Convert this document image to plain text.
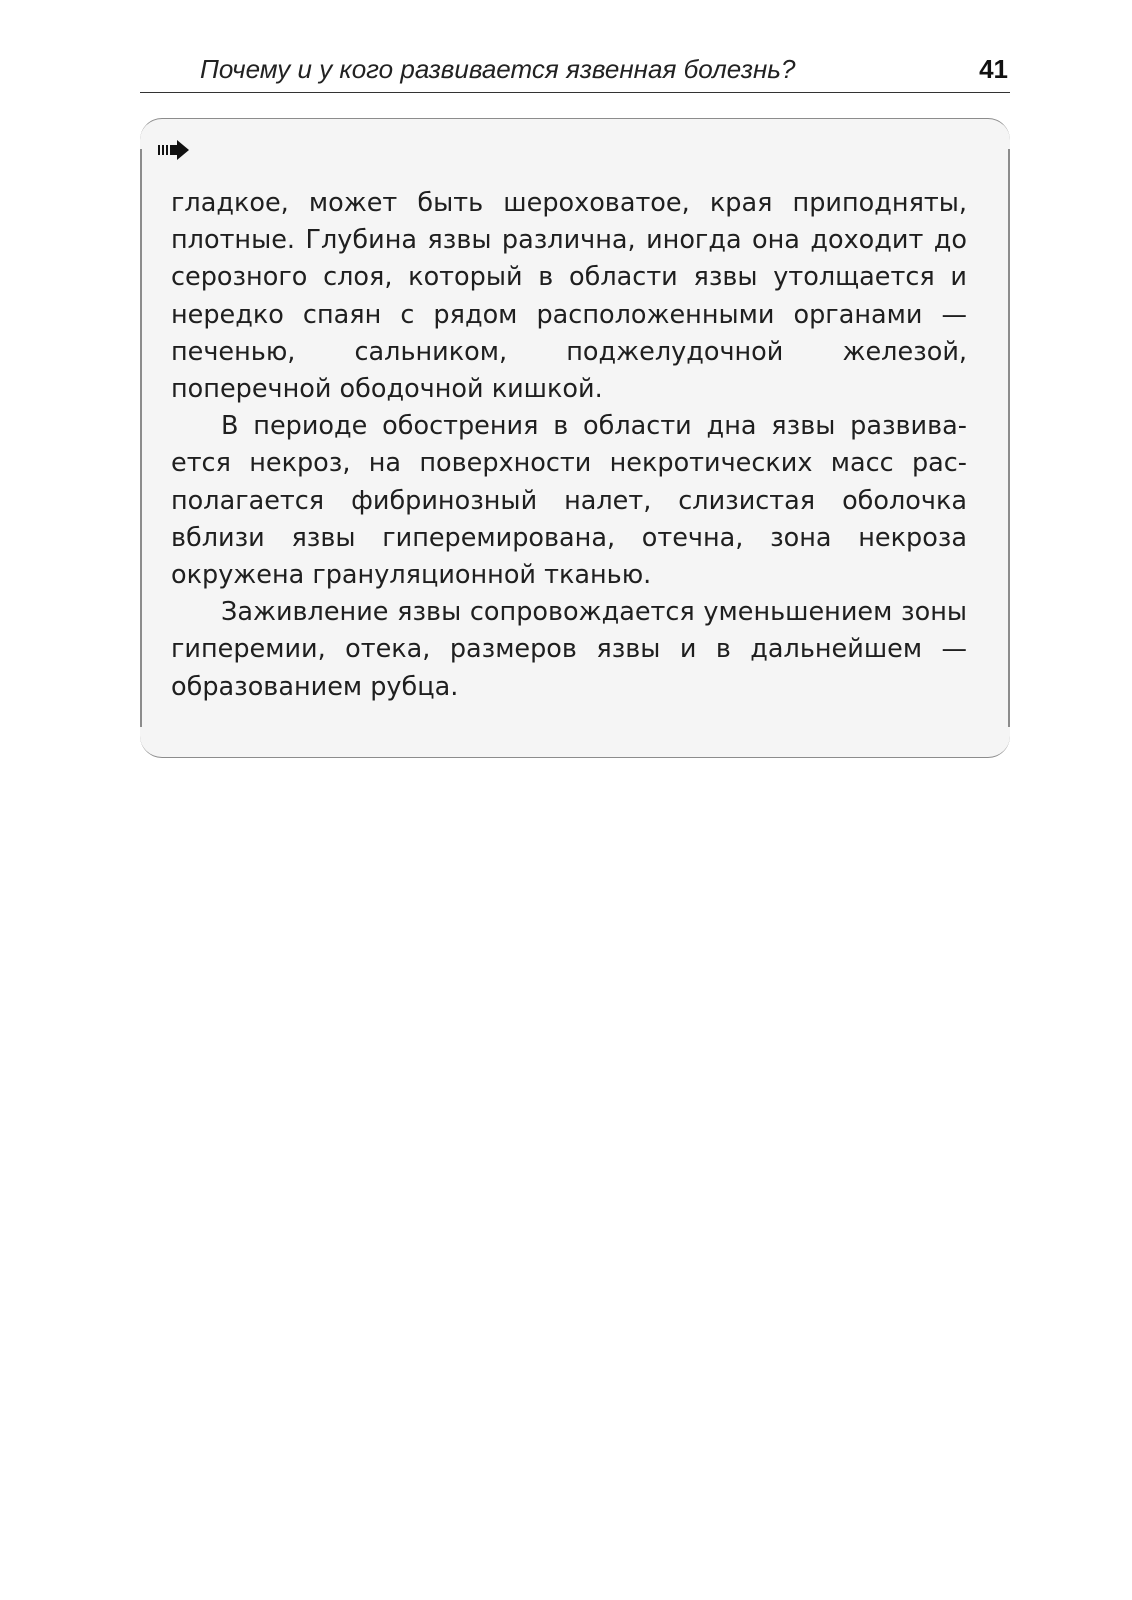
Почему и у кого развивается язвенная болезнь?	41

гладкое, может быть шероховатое, края приподняты, плотные. Глубина язвы различна, иногда она доходит до серозного слоя, который в области язвы утолщается и нередко спаян с рядом расположенными органами — печенью, сальником, поджелудочной железой, поперечной ободочной кишкой.

В периоде обострения в области дна язвы развивается некроз, на поверхности некротических масс располагается фибринозный налет, слизистая оболочка вблизи язвы гиперемирована, отечна, зона некроза окружена грануляционной тканью.

Заживление язвы сопровождается уменьшением зоны гиперемии, отека, размеров язвы и в дальнейшем — образованием рубца.
